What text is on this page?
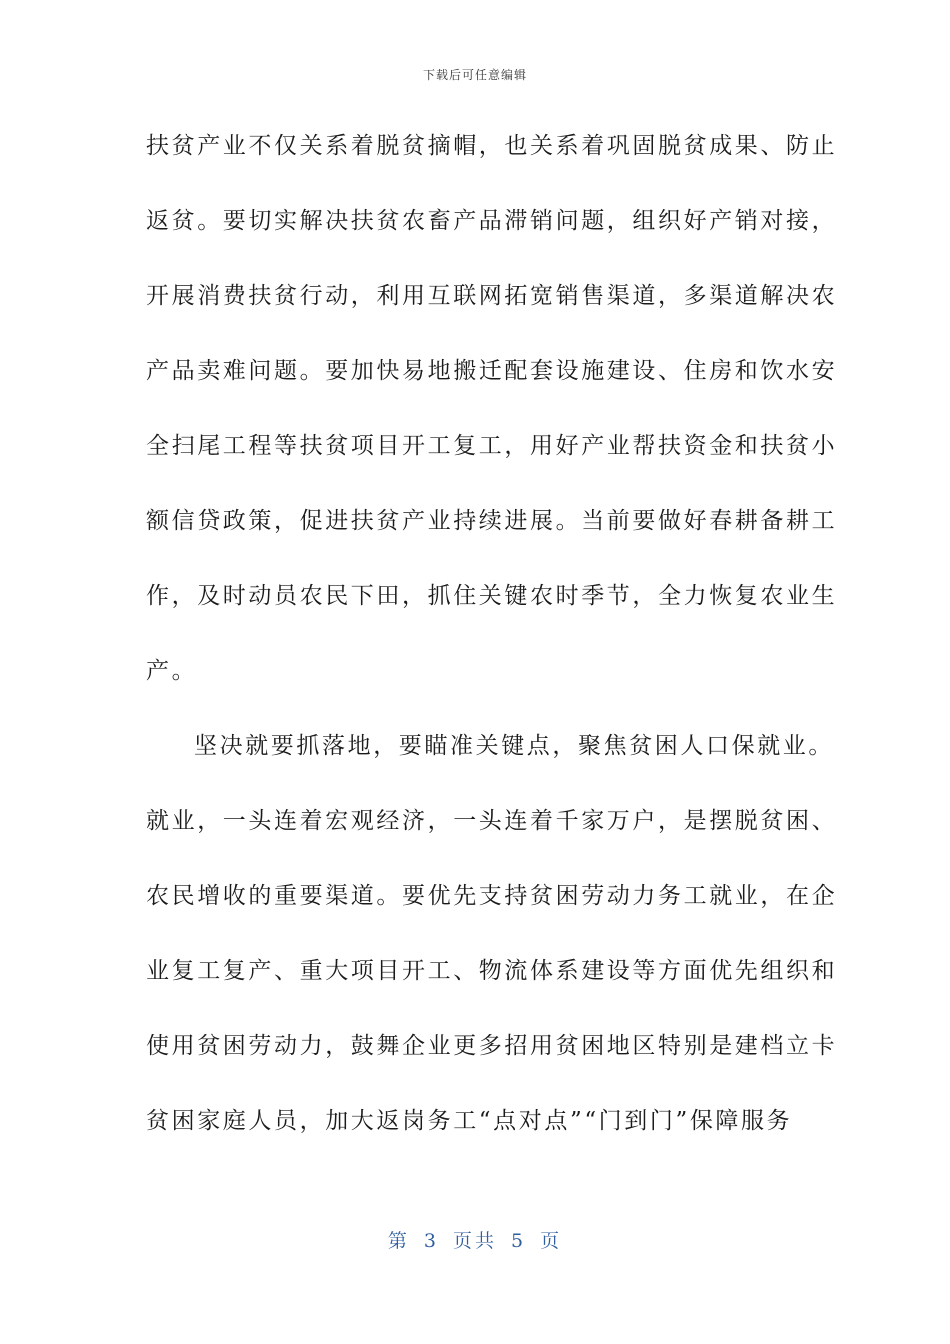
下载后可任意编辑
扶贫产业不仅关系着脱贫摘帽，也关系着巩固脱贫成果、防止
返贫。要切实解决扶贫农畜产品滞销问题，组织好产销对接，
开展消费扶贫行动，利用互联网拓宽销售渠道，多渠道解决农
产品卖难问题。要加快易地搬迁配套设施建设、住房和饮水安
全扫尾工程等扶贫项目开工复工，用好产业帮扶资金和扶贫小
额信贷政策，促进扶贫产业持续进展。当前要做好春耕备耕工
作，及时动员农民下田，抓住关键农时季节，全力恢复农业生
产。
坚决就要抓落地，要瞄准关键点，聚焦贫困人口保就业。
就业，一头连着宏观经济，一头连着千家万户，是摆脱贫困、
农民增收的重要渠道。要优先支持贫困劳动力务工就业，在企
业复工复产、重大项目开工、物流体系建设等方面优先组织和
使用贫困劳动力，鼓舞企业更多招用贫困地区特别是建档立卡
贫困家庭人员，加大返岗务工“点对点”“门到门”保障服务
第 3 页共 5 页
